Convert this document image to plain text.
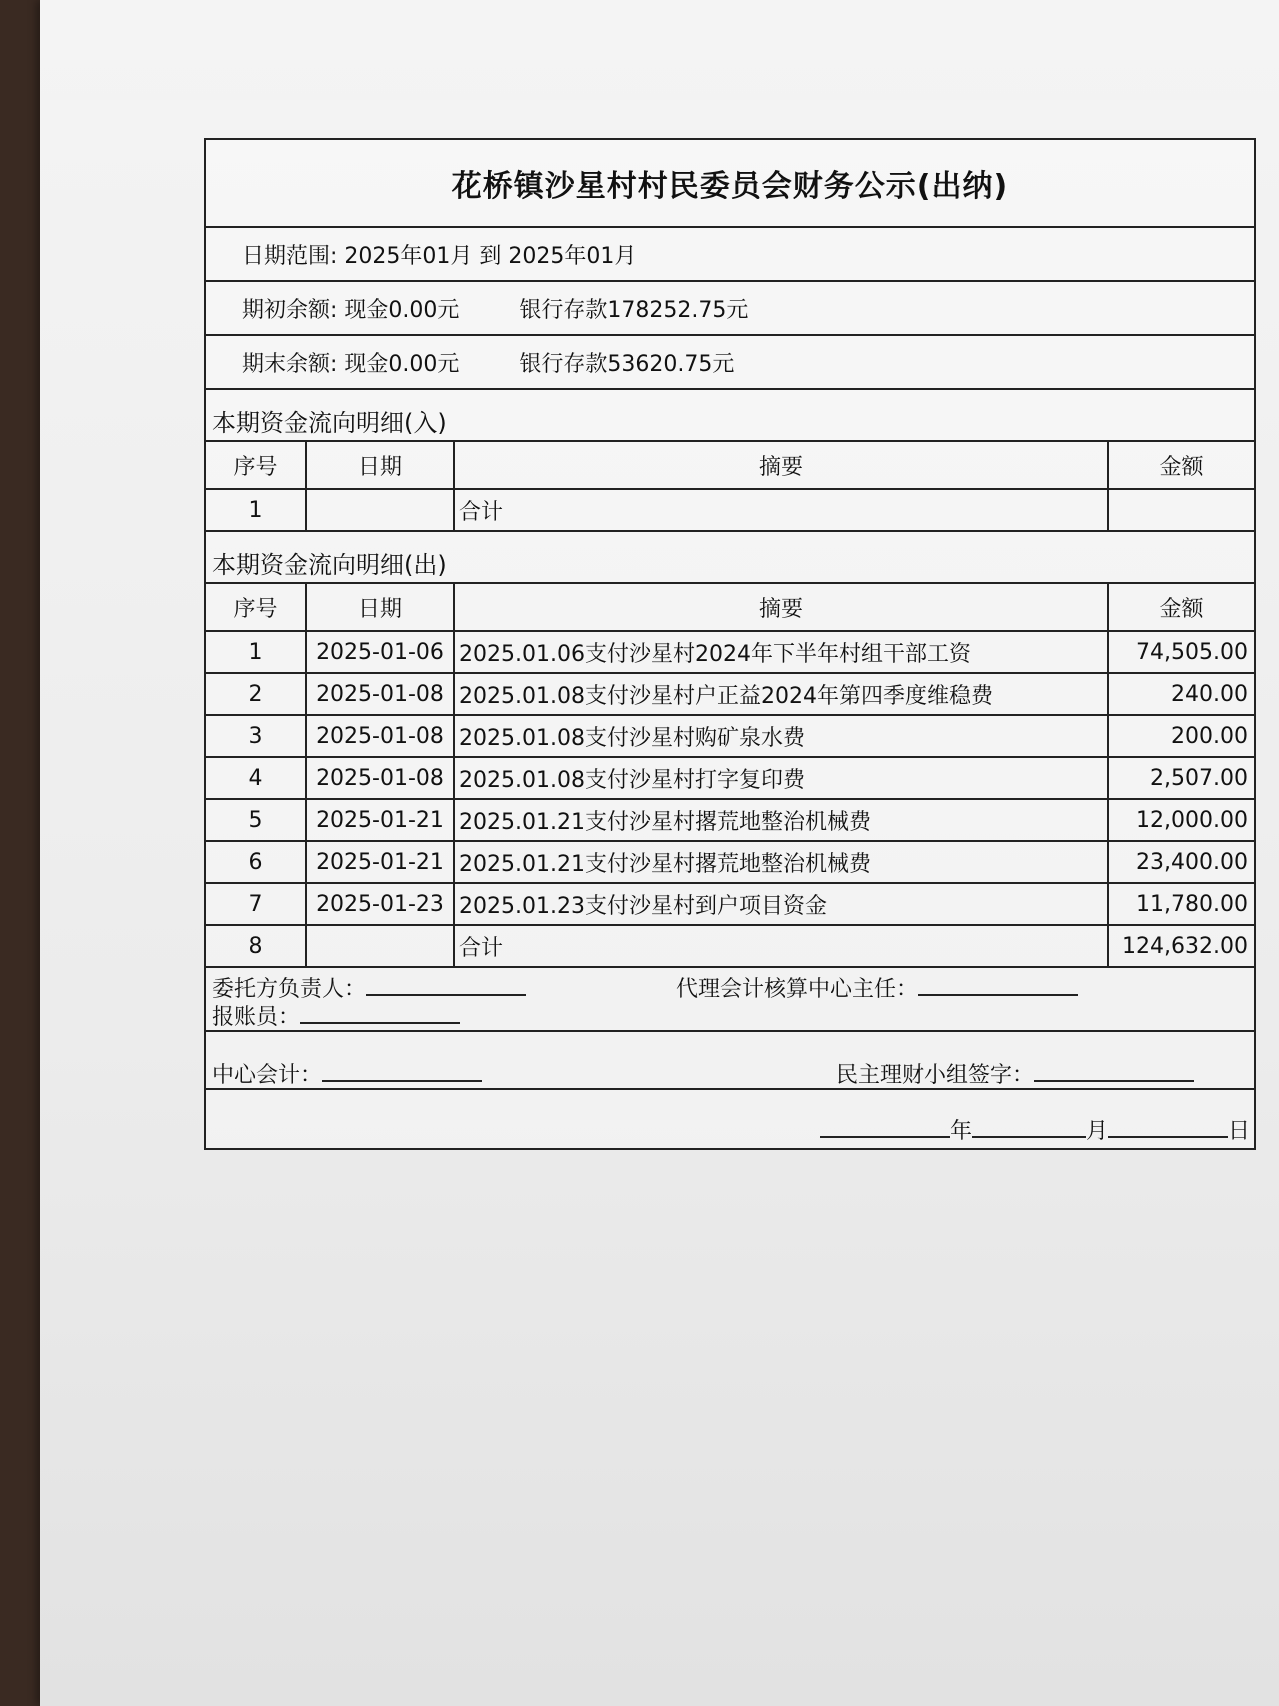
花桥镇沙星村村民委员会财务公示(出纳)
日期范围: 2025年01月 到 2025年01月
期初余额: 现金0.00元	银行存款178252.75元
期末余额: 现金0.00元	银行存款53620.75元
本期资金流向明细(入)
序号	日期	摘要	金额
1		合计	
本期资金流向明细(出)
序号	日期	摘要	金额
1	2025-01-06	2025.01.06支付沙星村2024年下半年村组干部工资	74,505.00
2	2025-01-08	2025.01.08支付沙星村户正益2024年第四季度维稳费	240.00
3	2025-01-08	2025.01.08支付沙星村购矿泉水费	200.00
4	2025-01-08	2025.01.08支付沙星村打字复印费	2,507.00
5	2025-01-21	2025.01.21支付沙星村撂荒地整治机械费	12,000.00
6	2025-01-21	2025.01.21支付沙星村撂荒地整治机械费	23,400.00
7	2025-01-23	2025.01.23支付沙星村到户项目资金	11,780.00
8		合计	124,632.00
委托方负责人：	代理会计核算中心主任：
报账员：
中心会计：	民主理财小组签字：
年	月	日
